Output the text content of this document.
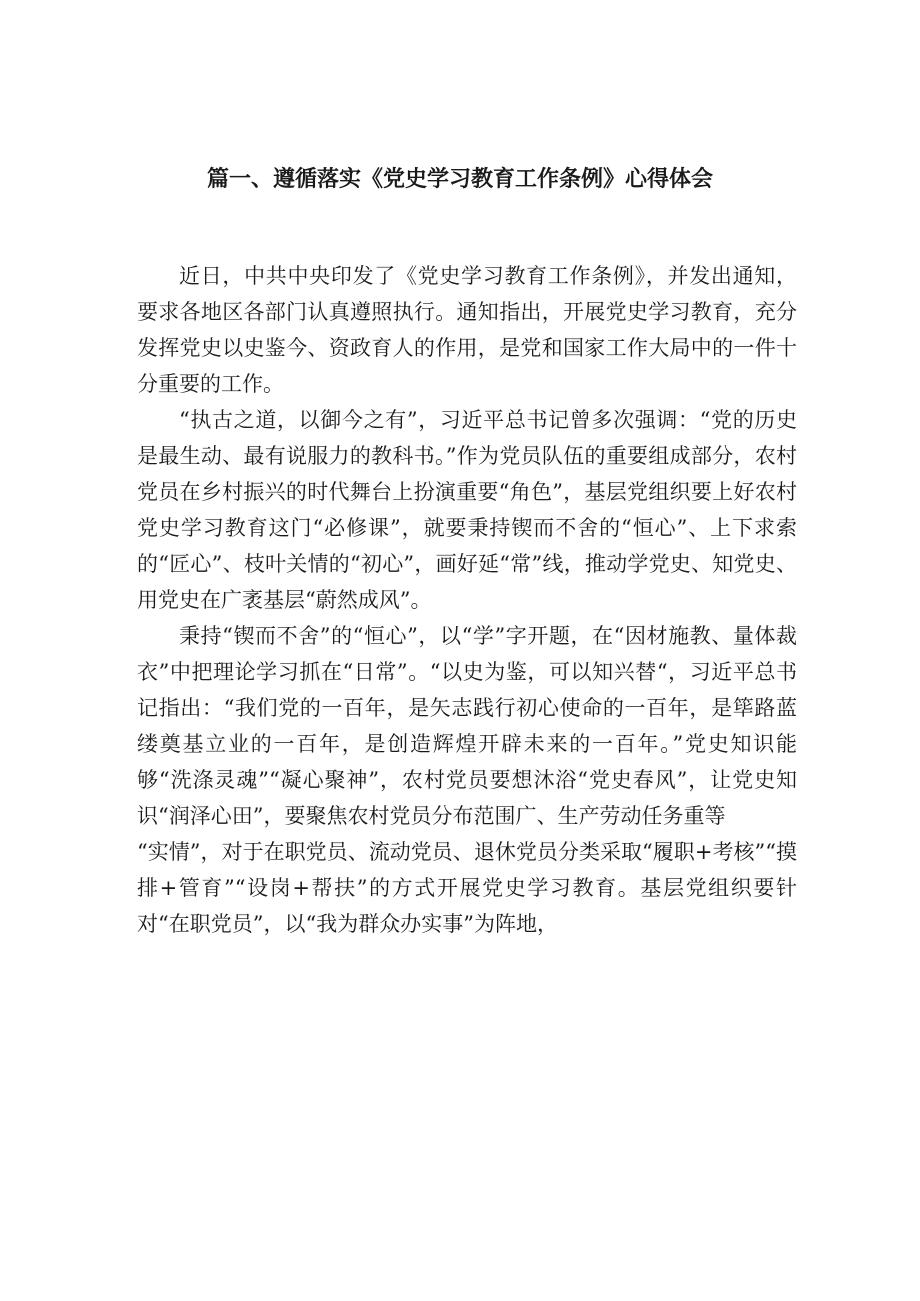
篇一、遵循落实《党史学习教育工作条例》心得体会

近日，中共中央印发了《党史学习教育工作条例》，并发出通知，要求各地区各部门认真遵照执行。通知指出，开展党史学习教育，充分发挥党史以史鉴今、资政育人的作用，是党和国家工作大局中的一件十分重要的工作。

“执古之道，以御今之有”，习近平总书记曾多次强调：“党的历史是最生动、最有说服力的教科书。”作为党员队伍的重要组成部分，农村党员在乡村振兴的时代舞台上扮演重要“角色”，基层党组织要上好农村党史学习教育这门“必修课”，就要秉持锲而不舍的“恒心”、上下求索的“匠心”、枝叶关情的“初心”，画好延“常”线，推动学党史、知党史、用党史在广袤基层“蔚然成风”。

秉持“锲而不舍”的“恒心”，以“学”字开题，在“因材施教、量体裁衣”中把理论学习抓在“日常”。“以史为鉴，可以知兴替“，习近平总书记指出：“我们党的一百年，是矢志践行初心使命的一百年，是筚路蓝缕奠基立业的一百年，是创造辉煌开辟未来的一百年。”党史知识能够“洗涤灵魂”“凝心聚神”，农村党员要想沐浴“党史春风”，让党史知识“润泽心田”，要聚焦农村党员分布范围广、生产劳动任务重等

“实情”，对于在职党员、流动党员、退休党员分类采取“履职+考核”“摸排+管育”“设岗+帮扶”的方式开展党史学习教育。基层党组织要针对“在职党员”，以“我为群众办实事”为阵地，
